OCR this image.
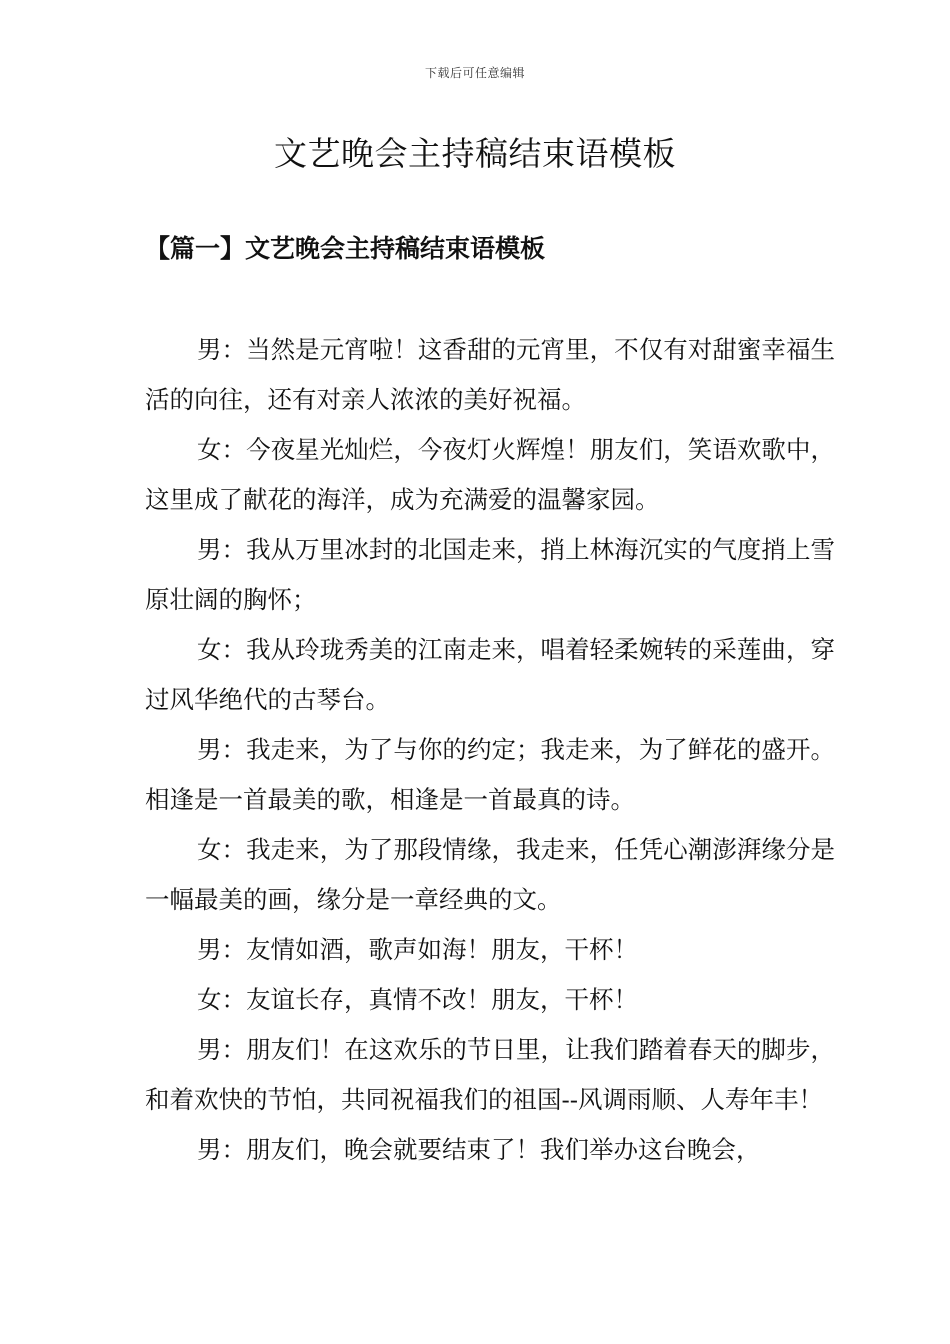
下载后可任意编辑
文艺晚会主持稿结束语模板
【篇一】文艺晚会主持稿结束语模板

男：当然是元宵啦！这香甜的元宵里，不仅有对甜蜜幸福生活的向往，还有对亲人浓浓的美好祝福。

女：今夜星光灿烂，今夜灯火辉煌！朋友们，笑语欢歌中，这里成了献花的海洋，成为充满爱的温馨家园。

男：我从万里冰封的北国走来，捎上林海沉实的气度捎上雪原壮阔的胸怀；

女：我从玲珑秀美的江南走来，唱着轻柔婉转的采莲曲，穿过风华绝代的古琴台。

男：我走来，为了与你的约定；我走来，为了鲜花的盛开。相逢是一首最美的歌，相逢是一首最真的诗。

女：我走来，为了那段情缘，我走来，任凭心潮澎湃缘分是一幅最美的画，缘分是一章经典的文。

男：友情如酒，歌声如海！朋友，干杯！

女：友谊长存，真情不改！朋友，干杯！

男：朋友们！在这欢乐的节日里，让我们踏着春天的脚步，和着欢快的节怕，共同祝福我们的祖国--风调雨顺、人寿年丰！

男：朋友们，晚会就要结束了！我们举办这台晚会，
